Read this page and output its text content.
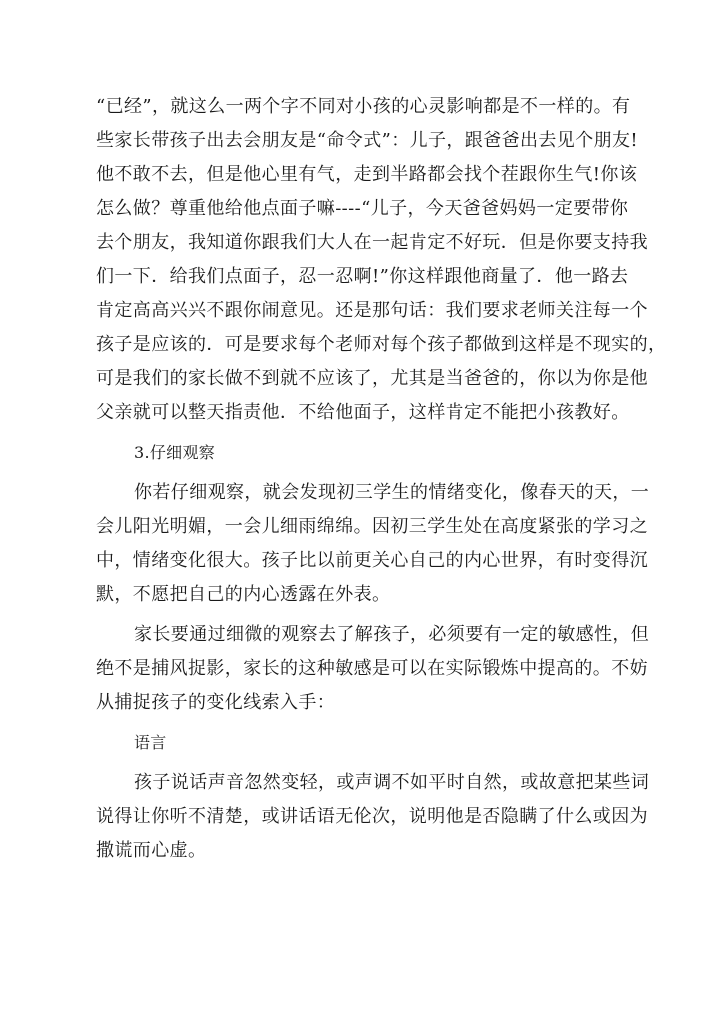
“已经”，就这么一两个字不同对小孩的心灵影响都是不一样的。有
些家长带孩子出去会朋友是“命令式”：儿子，跟爸爸出去见个朋友!
他不敢不去，但是他心里有气，走到半路都会找个茬跟你生气!你该
怎么做？尊重他给他点面子嘛----“儿子，今天爸爸妈妈一定要带你
去个朋友，我知道你跟我们大人在一起肯定不好玩．但是你要支持我
们一下．给我们点面子，忍一忍啊!”你这样跟他商量了．他一路去
肯定高高兴兴不跟你闹意见。还是那句话：我们要求老师关注每一个
孩子是应该的．可是要求每个老师对每个孩子都做到这样是不现实的，
可是我们的家长做不到就不应该了，尤其是当爸爸的，你以为你是他
父亲就可以整天指责他．不给他面子，这样肯定不能把小孩教好。
3.仔细观察
你若仔细观察，就会发现初三学生的情绪变化，像春天的天，一
会儿阳光明媚，一会儿细雨绵绵。因初三学生处在高度紧张的学习之
中，情绪变化很大。孩子比以前更关心自己的内心世界，有时变得沉
默，不愿把自己的内心透露在外表。
家长要通过细微的观察去了解孩子，必须要有一定的敏感性，但
绝不是捕风捉影，家长的这种敏感是可以在实际锻炼中提高的。不妨
从捕捉孩子的变化线索入手：
语言
孩子说话声音忽然变轻，或声调不如平时自然，或故意把某些词
说得让你听不清楚，或讲话语无伦次，说明他是否隐瞒了什么或因为
撒谎而心虚。
